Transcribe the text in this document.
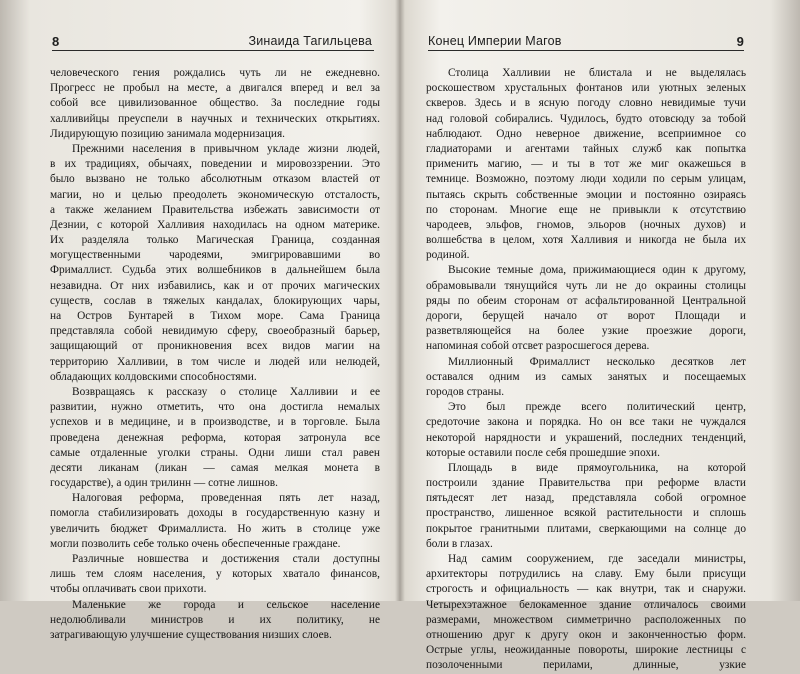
8	Зинаида Тагильцева
человеческого гения рождались чуть ли не ежедневно.
Прогресс не пробыл на месте, а двигался вперед и вел за
собой все цивилизованное общество. За последние годы
халливийцы преуспели в научных и технических открытиях.
Лидирующую позицию занимала модернизация.
Прежними населения в привычном укладе жизни людей,
в их традициях, обычаях, поведении и мировоззрении. Это
было вызвано не только абсолютным отказом властей от
магии, но и целью преодолеть экономическую отсталость,
а также желанием Правительства избежать зависимости от
Дезнии, с которой Халливия находилась на одном материке.
Их разделяла только Магическая Граница, созданная
могущественными чародеями, эмигрировавшими во
Фрималлист. Судьба этих волшебников в дальнейшем была
незавидна. От них избавились, как и от прочих магических
существ, сослав в тяжелых кандалах, блокирующих чары,
на Остров Бунтарей в Тихом море. Сама Граница
представляла собой невидимую сферу, своеобразный барьер,
защищающий от проникновения всех видов магии на
территорию Халливии, в том числе и людей или нелюдей,
обладающих колдовскими способностями.
Возвращаясь к рассказу о столице Халливии и ее
развитии, нужно отметить, что она достигла немалых
успехов и в медицине, и в производстве, и в торговле. Была
проведена денежная реформа, которая затронула все
самые отдаленные уголки страны. Одни лиши стал равен
десяти ликанам (ликан — самая мелкая монета в
государстве), а один трилинн — сотне лишнов.
Налоговая реформа, проведенная пять лет назад,
помогла стабилизировать доходы в государственную казну и
увеличить бюджет Фрималлиста. Но жить в столице уже
могли позволить себе только очень обеспеченные граждане.
Различные новшества и достижения стали доступны
лишь тем слоям населения, у которых хватало финансов,
чтобы оплачивать свои прихоти.
Маленькие же города и сельское население
недолюбливали министров и их политику, не
затрагивающую улучшение существования низших слоев.
Конец Империи Магов	9
Столица Халливии не блистала и не выделялась
роскошеством хрустальных фонтанов или уютных зеленых
скверов. Здесь и в ясную погоду словно невидимые тучи
над головой собирались. Чудилось, будто отовсюду за тобой
наблюдают. Одно неверное движение, всеприимное со
гладиаторами и агентами тайных служб как попытка
применить магию, — и ты в тот же миг окажешься в
темнице. Возможно, поэтому люди ходили по серым улицам,
пытаясь скрыть собственные эмоции и постоянно озираясь
по сторонам. Многие еще не привыкли к отсутствию
чародеев, эльфов, гномов, эльоров (ночных духов) и
волшебства в целом, хотя Халливия и никогда не была их
родиной.
Высокие темные дома, прижимающиеся один к другому,
обрамовывали тянущийся чуть ли не до окраины столицы
ряды по обеим сторонам от асфальтированной Центральной
дороги, берущей начало от ворот Площади и
разветвляющейся на более узкие проезжие дороги,
напоминая собой отсвет разросшегося дерева.
Миллионный Фрималлист несколько десятков лет
оставался одним из самых занятых и посещаемых
городов страны.
Это был прежде всего политический центр,
средоточие закона и порядка. Но он все таки не чуждался
некоторой нарядности и украшений, последних тенденций,
которые оставили после себя прошедшие эпохи.
Площадь в виде прямоугольника, на которой
построили здание Правительства при реформе власти
пятьдесят лет назад, представляла собой огромное
пространство, лишенное всякой растительности и сплошь
покрытое гранитными плитами, сверкающими на солнце до
боли в глазах.
Над самим сооружением, где заседали министры,
архитекторы потрудились на славу. Ему были присущи
строгость и официальность — как внутри, так и снаружи.
Четырехэтажное белокаменное здание отличалось своими
размерами, множеством симметрично расположенных по
отношению друг к другу окон и законченностью форм.
Острые углы, неожиданные повороты, широкие лестницы с
позолоченными перилами, длинные, узкие
